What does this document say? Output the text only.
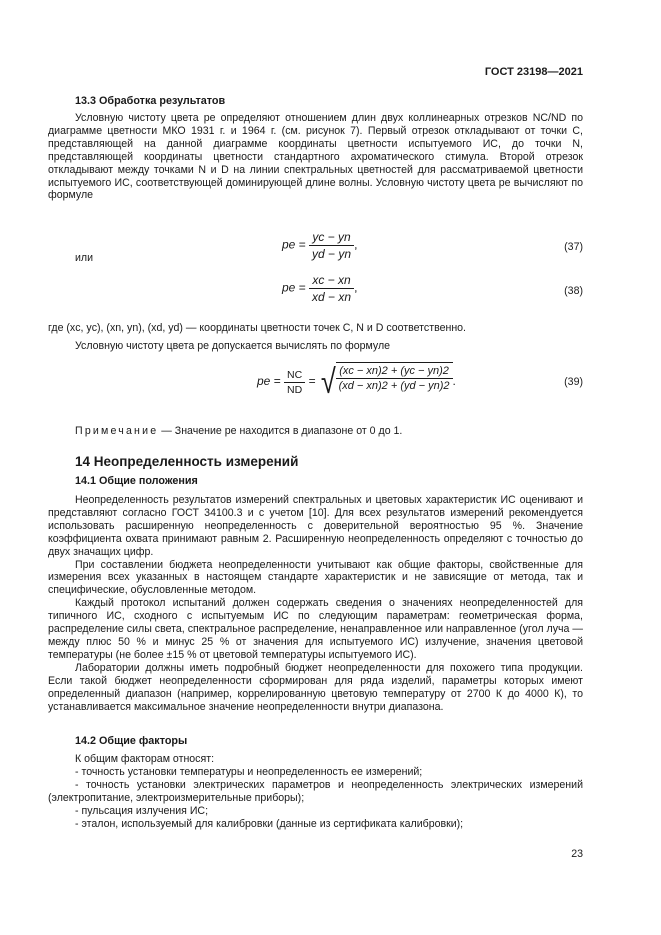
ГОСТ 23198—2021
13.3 Обработка результатов

Условную чистоту цвета pe определяют отношением длин двух коллинеарных отрезков NC/ND по диаграмме цветности МКО 1931 г. и 1964 г. (см. рисунок 7). Первый отрезок откладывают от точки С, представляющей на данной диаграмме координаты цветности испытуемого ИС, до точки N, представляющей координаты цветности стандартного ахроматического стимула. Второй отрезок откладывают между точками N и D на линии спектральных цветностей для рассматриваемой цветности испытуемого ИС, соответствующей доминирующей длине волны. Условную чистоту цвета pe вычисляют по формуле

pe = $\frac{yc - yn}{yd - yn}$ ,	(37)
или
pe = $\frac{xc - xn}{xd - xn}$ ,	(38)
где (xc, yc), (xn, yn), (xd, yd) — координаты цветности точек С, N и D соответственно.
Условную чистоту цвета pe допускается вычислять по формуле
pe = $\frac{NC}{ND}$ = √ $\frac{(xc - xn)2 + (yc - yn)2}{(xd - xn)2 + (yd - yn)2}$ .	(39)
Примечание — Значение pe находится в диапазоне от 0 до 1.
14 Неопределенность измерений
14.1 Общие положения

Неопределенность результатов измерений спектральных и цветовых характеристик ИС оценивают и представляют согласно ГОСТ 34100.3 и с учетом [10]. Для всех результатов измерений рекомендуется использовать расширенную неопределенность с доверительной вероятностью 95 %. Значение коэффициента охвата принимают равным 2. Расширенную неопределенность определяют с точностью до двух значащих цифр.

При составлении бюджета неопределенности учитывают как общие факторы, свойственные для измерения всех указанных в настоящем стандарте характеристик и не зависящие от метода, так и специфические, обусловленные методом.

Каждый протокол испытаний должен содержать сведения о значениях неопределенностей для типичного ИС, сходного с испытуемым ИС по следующим параметрам: геометрическая форма, распределение силы света, спектральное распределение, ненаправленное или направленное (угол луча — между плюс 50 % и минус 25 % от значения для испытуемого ИС) излучение, значения цветовой температуры (не более ±15 % от цветовой температуры испытуемого ИС).

Лаборатории должны иметь подробный бюджет неопределенности для похожего типа продукции. Если такой бюджет неопределенности сформирован для ряда изделий, параметры которых имеют определенный диапазон (например, коррелированную цветовую температуру от 2700 К до 4000 К), то устанавливается максимальное значение неопределенности внутри диапазона.

14.2 Общие факторы

К общим факторам относят:

- точность установки температуры и неопределенность ее измерений;

- точность установки электрических параметров и неопределенность электрических измерений (электропитание, электроизмерительные приборы);

- пульсация излучения ИС;

- эталон, используемый для калибровки (данные из сертификата калибровки);

23
